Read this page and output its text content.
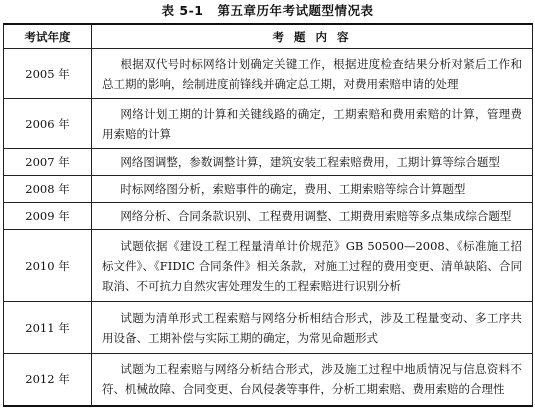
表 5-1 第五章历年考试题型情况表
考试年度	考 题 内 容
2005 年	根据双代号时标网络计划确定关键工作，根据进度检查结果分析对紧后工作和总工期的影响，绘制进度前锋线并确定总工期，对费用索赔申请的处理
2006 年	网络计划工期的计算和关键线路的确定，工期索赔和费用索赔的计算，管理费用索赔的计算
2007 年	网络图调整，参数调整计算，建筑安装工程索赔费用，工期计算等综合题型
2008 年	时标网络图分析，索赔事件的确定，费用、工期索赔等综合计算题型
2009 年	网络分析、合同条款识别、工程费用调整、工期费用索赔等多点集成综合题型
2010 年	试题依据《建设工程工程量清单计价规范》GB 50500—2008、《标准施工招标文件》、《FIDIC 合同条件》相关条款，对施工过程的费用变更、清单缺陷、合同取消、不可抗力自然灾害处理发生的工程索赔进行识别分析
2011 年	试题为清单形式工程索赔与网络分析相结合形式，涉及工程量变动、多工序共用设备、工期补偿与实际工期的确定，为常见命题形式
2012 年	试题为工程索赔与网络分析结合形式，涉及施工过程中地质情况与信息资料不符、机械故障、合同变更、台风侵袭等事件，分析工期索赔、费用索赔的合理性
